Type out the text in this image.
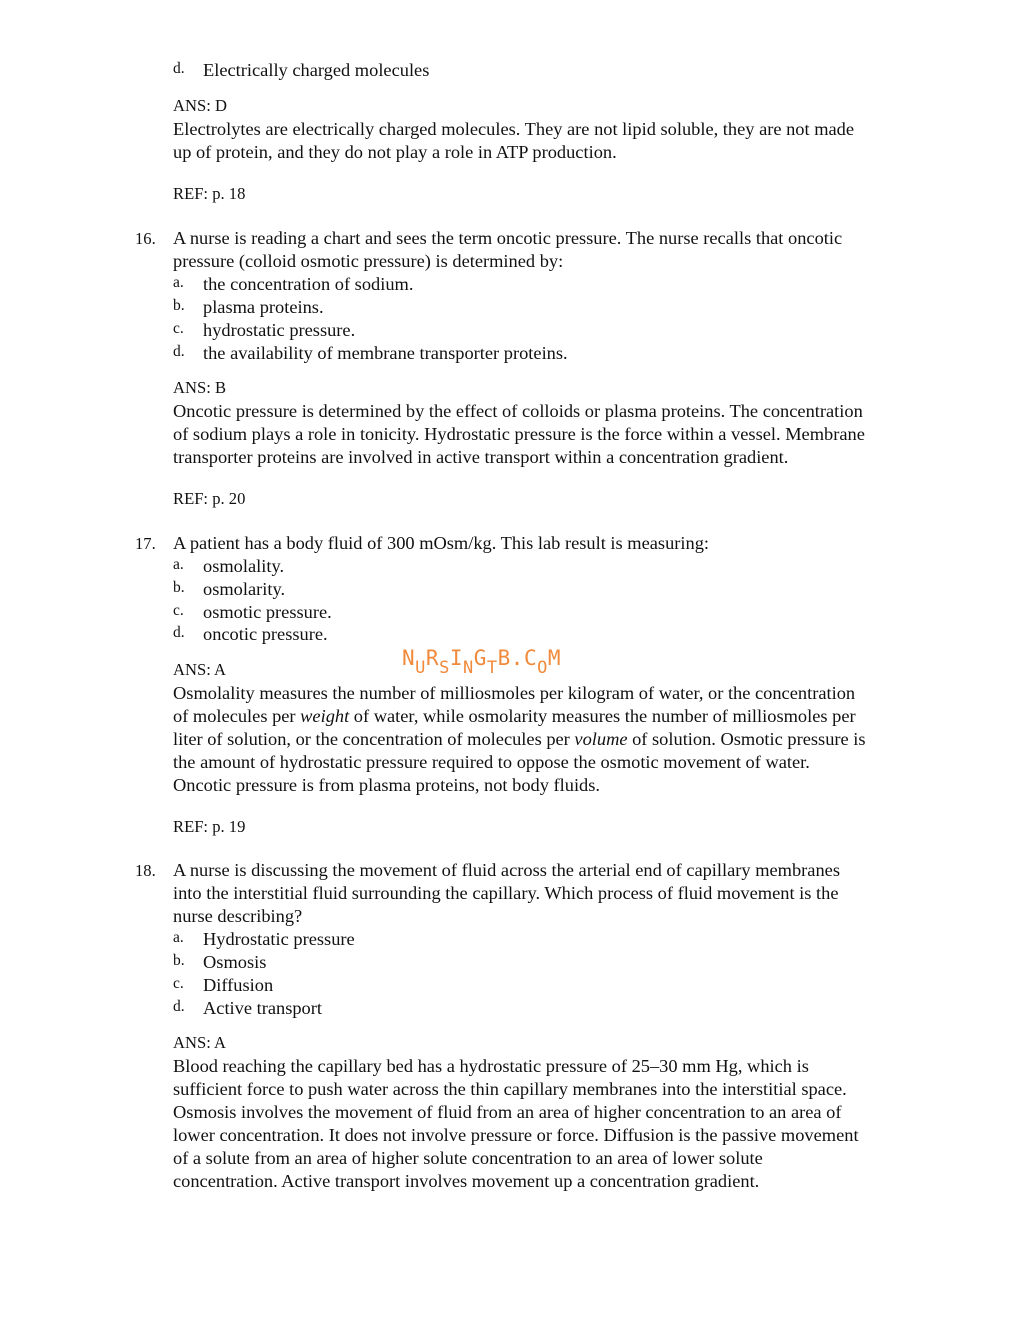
d. Electrically charged molecules
ANS: D
Electrolytes are electrically charged molecules. They are not lipid soluble, they are not made
up of protein, and they do not play a role in ATP production.
REF: p. 18
16. A nurse is reading a chart and sees the term oncotic pressure. The nurse recalls that oncotic
pressure (colloid osmotic pressure) is determined by:
a. the concentration of sodium.
b. plasma proteins.
c. hydrostatic pressure.
d. the availability of membrane transporter proteins.
ANS: B
Oncotic pressure is determined by the effect of colloids or plasma proteins. The concentration
of sodium plays a role in tonicity. Hydrostatic pressure is the force within a vessel. Membrane
transporter proteins are involved in active transport within a concentration gradient.
REF: p. 20
17. A patient has a body fluid of 300 mOsm/kg. This lab result is measuring:
a. osmolality.
b. osmolarity.
c. osmotic pressure.
d. oncotic pressure.
ANS: A	NURSINGTB.COM
Osmolality measures the number of milliosmoles per kilogram of water, or the concentration
of molecules per weight of water, while osmolarity measures the number of milliosmoles per
liter of solution, or the concentration of molecules per volume of solution. Osmotic pressure is
the amount of hydrostatic pressure required to oppose the osmotic movement of water.
Oncotic pressure is from plasma proteins, not body fluids.
REF: p. 19
18. A nurse is discussing the movement of fluid across the arterial end of capillary membranes
into the interstitial fluid surrounding the capillary. Which process of fluid movement is the
nurse describing?
a. Hydrostatic pressure
b. Osmosis
c. Diffusion
d. Active transport
ANS: A
Blood reaching the capillary bed has a hydrostatic pressure of 25–30 mm Hg, which is
sufficient force to push water across the thin capillary membranes into the interstitial space.
Osmosis involves the movement of fluid from an area of higher concentration to an area of
lower concentration. It does not involve pressure or force. Diffusion is the passive movement
of a solute from an area of higher solute concentration to an area of lower solute
concentration. Active transport involves movement up a concentration gradient.
